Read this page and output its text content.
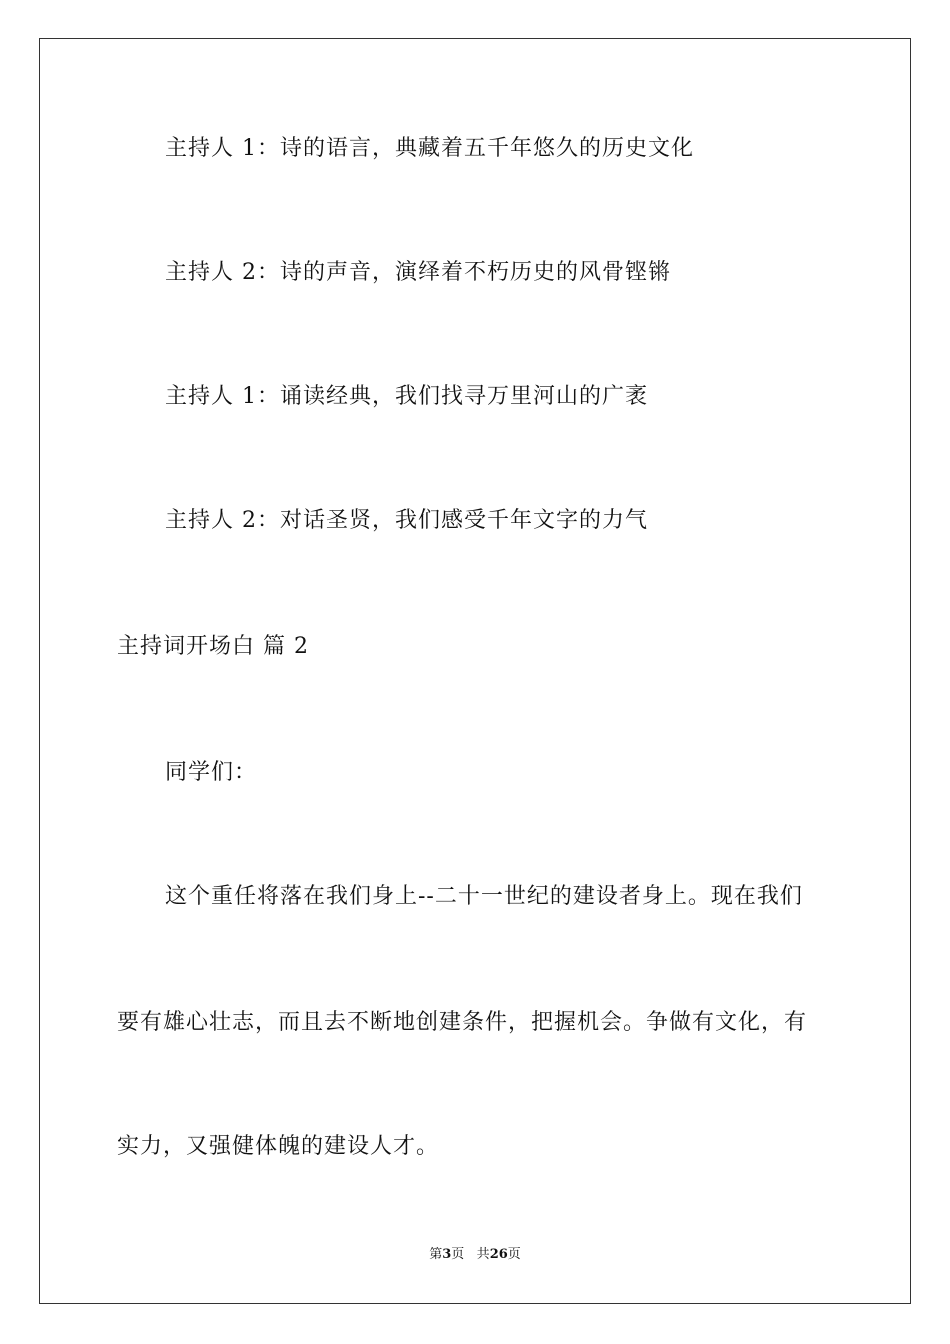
主持人 1：诗的语言，典藏着五千年悠久的历史文化
主持人 2：诗的声音，演绎着不朽历史的风骨铿锵
主持人 1：诵读经典，我们找寻万里河山的广袤
主持人 2：对话圣贤，我们感受千年文字的力气
主持词开场白 篇 2
同学们：
这个重任将落在我们身上--二十一世纪的建设者身上。现在我们
要有雄心壮志，而且去不断地创建条件，把握机会。争做有文化，有
实力，又强健体魄的建设人才。
第3页 共26页
